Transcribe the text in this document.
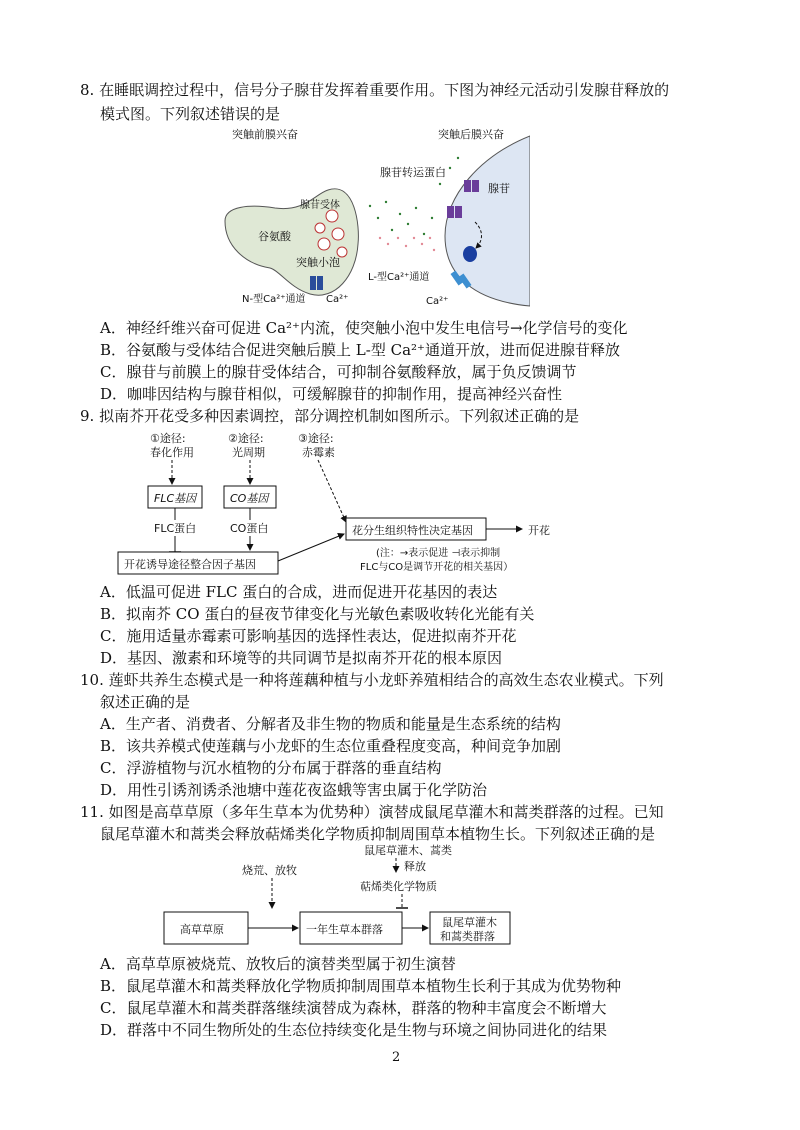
8. 在睡眠调控过程中，信号分子腺苷发挥着重要作用。下图为神经元活动引发腺苷释放的
模式图。下列叙述错误的是
突触前膜兴奋	突触后膜兴奋
腺苷转运蛋白
腺苷
腺苷受体
谷氨酸
突触小泡
N-型Ca²⁺通道 Ca²⁺
L-型Ca²⁺通道
Ca²⁺
A．神经纤维兴奋可促进 Ca²⁺内流，使突触小泡中发生电信号→化学信号的变化
B．谷氨酸与受体结合促进突触后膜上 L-型 Ca²⁺通道开放，进而促进腺苷释放
C．腺苷与前膜上的腺苷受体结合，可抑制谷氨酸释放，属于负反馈调节
D．咖啡因结构与腺苷相似，可缓解腺苷的抑制作用，提高神经兴奋性
9. 拟南芥开花受多种因素调控，部分调控机制如图所示。下列叙述正确的是
①途径:
春化作用
②途径:
光周期
③途径:
赤霉素
FLC基因	CO基因
FLC蛋白	CO蛋白
开花诱导途径整合因子基因
花分生组织特性决定基因	开花
(注：→表示促进 ⊣表示抑制
FLC与CO是调节开花的相关基因）
A．低温可促进 FLC 蛋白的合成，进而促进开花基因的表达
B．拟南芥 CO 蛋白的昼夜节律变化与光敏色素吸收转化光能有关
C．施用适量赤霉素可影响基因的选择性表达，促进拟南芥开花
D．基因、激素和环境等的共同调节是拟南芥开花的根本原因
10. 莲虾共养生态模式是一种将莲藕种植与小龙虾养殖相结合的高效生态农业模式。下列
叙述正确的是
A．生产者、消费者、分解者及非生物的物质和能量是生态系统的结构
B．该共养模式使莲藕与小龙虾的生态位重叠程度变高，种间竞争加剧
C．浮游植物与沉水植物的分布属于群落的垂直结构
D．用性引诱剂诱杀池塘中莲花夜盗蛾等害虫属于化学防治
11. 如图是高草草原（多年生草本为优势种）演替成鼠尾草灌木和蒿类群落的过程。已知
鼠尾草灌木和蒿类会释放萜烯类化学物质抑制周围草本植物生长。下列叙述正确的是
鼠尾草灌木、蒿类
释放
萜烯类化学物质
烧荒、放牧
高草草原	一年生草本群落
鼠尾草灌木
和蒿类群落
A．高草草原被烧荒、放牧后的演替类型属于初生演替
B．鼠尾草灌木和蒿类释放化学物质抑制周围草本植物生长利于其成为优势物种
C．鼠尾草灌木和蒿类群落继续演替成为森林，群落的物种丰富度会不断增大
D．群落中不同生物所处的生态位持续变化是生物与环境之间协同进化的结果
2
